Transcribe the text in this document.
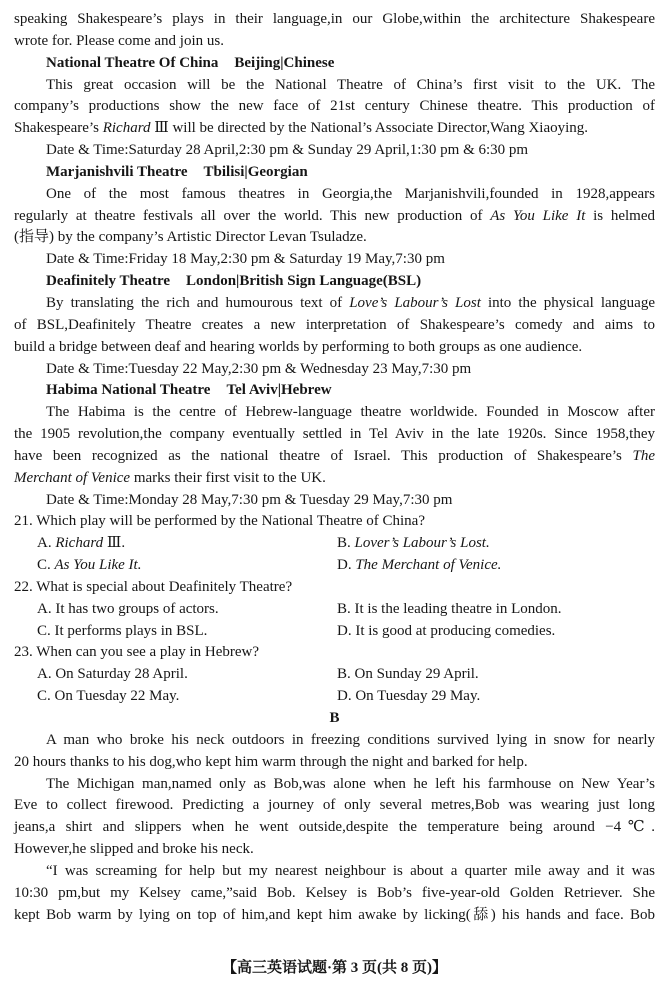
speaking Shakespeare’s plays in their language,in our Globe,within the architecture Shakespeare
wrote for. Please come and join us.
National Theatre Of China Beijing|Chinese
This great occasion will be the National Theatre of China’s first visit to the UK. The
company’s productions show the new face of 21st century Chinese theatre. This production of
Shakespeare’s Richard Ⅲ will be directed by the National’s Associate Director,Wang Xiaoying.
Date & Time:Saturday 28 April,2:30 pm & Sunday 29 April,1:30 pm & 6:30 pm
Marjanishvili Theatre Tbilisi|Georgian
One of the most famous theatres in Georgia,the Marjanishvili,founded in 1928,appears
regularly at theatre festivals all over the world. This new production of As You Like It is helmed
(指导) by the company’s Artistic Director Levan Tsuladze.
Date & Time:Friday 18 May,2:30 pm & Saturday 19 May,7:30 pm
Deafinitely Theatre London|British Sign Language(BSL)
By translating the rich and humourous text of Love’s Labour’s Lost into the physical language
of BSL,Deafinitely Theatre creates a new interpretation of Shakespeare’s comedy and aims to
build a bridge between deaf and hearing worlds by performing to both groups as one audience.
Date & Time:Tuesday 22 May,2:30 pm & Wednesday 23 May,7:30 pm
Habima National Theatre Tel Aviv|Hebrew
The Habima is the centre of Hebrew-language theatre worldwide. Founded in Moscow after
the 1905 revolution,the company eventually settled in Tel Aviv in the late 1920s. Since 1958,they
have been recognized as the national theatre of Israel. This production of Shakespeare’s The
Merchant of Venice marks their first visit to the UK.
Date & Time:Monday 28 May,7:30 pm & Tuesday 29 May,7:30 pm
21. Which play will be performed by the National Theatre of China?
A. Richard Ⅲ.	B. Lover’s Labour’s Lost.
C. As You Like It.	D. The Merchant of Venice.
22. What is special about Deafinitely Theatre?
A. It has two groups of actors.	B. It is the leading theatre in London.
C. It performs plays in BSL.	D. It is good at producing comedies.
23. When can you see a play in Hebrew?
A. On Saturday 28 April.	B. On Sunday 29 April.
C. On Tuesday 22 May.	D. On Tuesday 29 May.
B
A man who broke his neck outdoors in freezing conditions survived lying in snow for nearly
20 hours thanks to his dog,who kept him warm through the night and barked for help.
The Michigan man,named only as Bob,was alone when he left his farmhouse on New Year’s
Eve to collect firewood. Predicting a journey of only several metres,Bob was wearing just long
jeans,a shirt and slippers when he went outside,despite the temperature being around −4℃.
However,he slipped and broke his neck.
“I was screaming for help but my nearest neighbour is about a quarter mile away and it was
10:30 pm,but my Kelsey came,”said Bob. Kelsey is Bob’s five-year-old Golden Retriever. She
kept Bob warm by lying on top of him,and kept him awake by licking(舔) his hands and face. Bob
【高三英语试题·第 3 页(共 8 页)】
